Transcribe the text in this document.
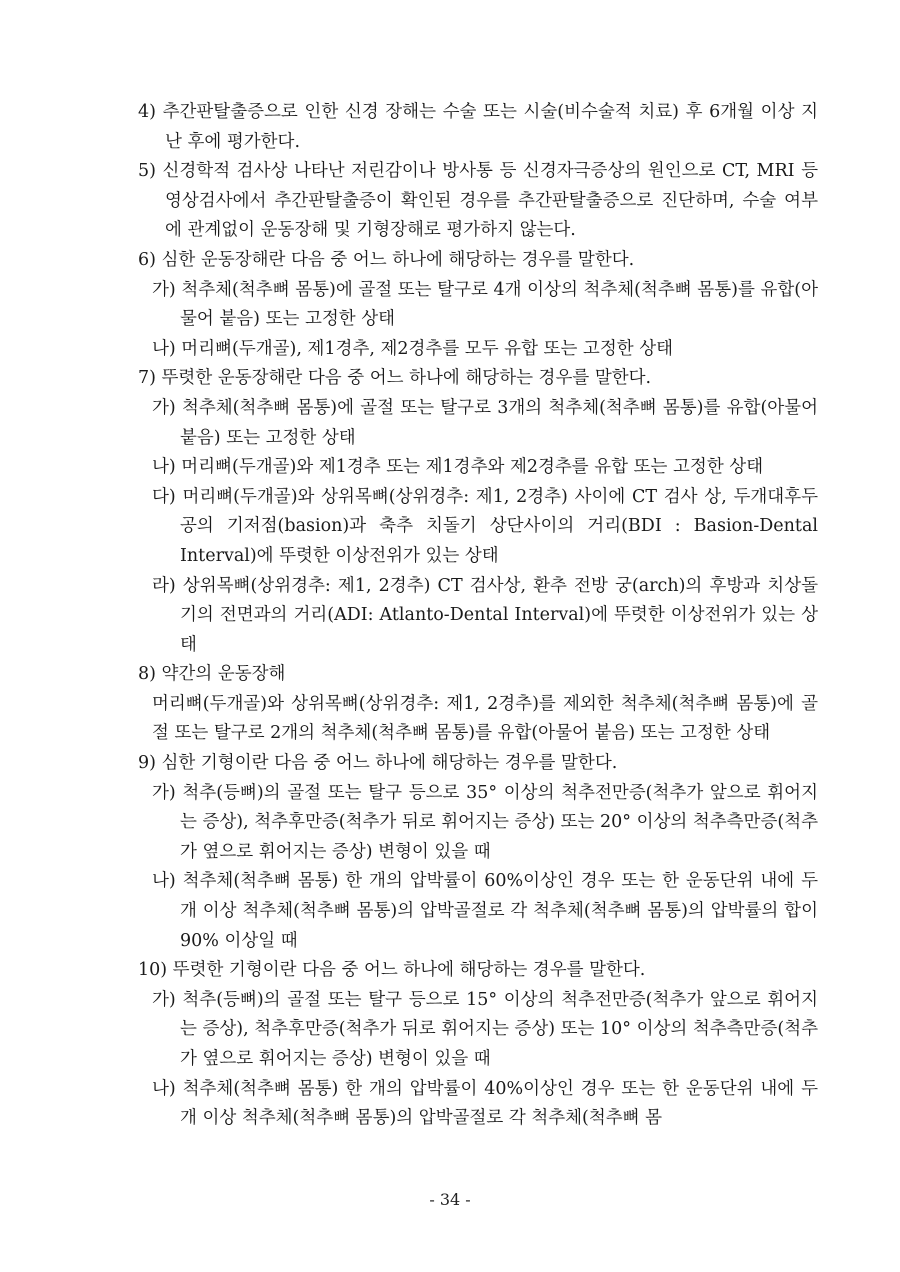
4) 추간판탈출증으로 인한 신경 장해는 수술 또는 시술(비수술적 치료) 후 6개월 이상 지난 후에 평가한다.

5) 신경학적 검사상 나타난 저린감이나 방사통 등 신경자극증상의 원인으로 CT, MRI 등 영상검사에서 추간판탈출증이 확인된 경우를 추간판탈출증으로 진단하며, 수술 여부에 관계없이 운동장해 및 기형장해로 평가하지 않는다.

6) 심한 운동장해란 다음 중 어느 하나에 해당하는 경우를 말한다.

가) 척추체(척추뼈 몸통)에 골절 또는 탈구로 4개 이상의 척추체(척추뼈 몸통)를 유합(아물어 붙음) 또는 고정한 상태

나) 머리뼈(두개골), 제1경추, 제2경추를 모두 유합 또는 고정한 상태

7) 뚜렷한 운동장해란 다음 중 어느 하나에 해당하는 경우를 말한다.

가) 척추체(척추뼈 몸통)에 골절 또는 탈구로 3개의 척추체(척추뼈 몸통)를 유합(아물어 붙음) 또는 고정한 상태

나) 머리뼈(두개골)와 제1경추 또는 제1경추와 제2경추를 유합 또는 고정한 상태

다) 머리뼈(두개골)와 상위목뼈(상위경추: 제1, 2경추) 사이에 CT 검사 상, 두개대후두공의 기저점(basion)과 축추 치돌기 상단사이의 거리(BDI : Basion-Dental Interval)에 뚜렷한 이상전위가 있는 상태

라) 상위목뼈(상위경추: 제1, 2경추) CT 검사상, 환추 전방 궁(arch)의 후방과 치상돌기의 전면과의 거리(ADI: Atlanto-Dental Interval)에 뚜렷한 이상전위가 있는 상태

8) 약간의 운동장해

머리뼈(두개골)와 상위목뼈(상위경추: 제1, 2경추)를 제외한 척추체(척추뼈 몸통)에 골절 또는 탈구로 2개의 척추체(척추뼈 몸통)를 유합(아물어 붙음) 또는 고정한 상태

9) 심한 기형이란 다음 중 어느 하나에 해당하는 경우를 말한다.

가) 척추(등뼈)의 골절 또는 탈구 등으로 35° 이상의 척추전만증(척추가 앞으로 휘어지는 증상), 척추후만증(척추가 뒤로 휘어지는 증상) 또는 20° 이상의 척추측만증(척추가 옆으로 휘어지는 증상) 변형이 있을 때

나) 척추체(척추뼈 몸통) 한 개의 압박률이 60%이상인 경우 또는 한 운동단위 내에 두 개 이상 척추체(척추뼈 몸통)의 압박골절로 각 척추체(척추뼈 몸통)의 압박률의 합이 90% 이상일 때

10) 뚜렷한 기형이란 다음 중 어느 하나에 해당하는 경우를 말한다.

가) 척추(등뼈)의 골절 또는 탈구 등으로 15° 이상의 척추전만증(척추가 앞으로 휘어지는 증상), 척추후만증(척추가 뒤로 휘어지는 증상) 또는 10° 이상의 척추측만증(척추가 옆으로 휘어지는 증상) 변형이 있을 때

나) 척추체(척추뼈 몸통) 한 개의 압박률이 40%이상인 경우 또는 한 운동단위 내에 두 개 이상 척추체(척추뼈 몸통)의 압박골절로 각 척추체(척추뼈 몸

- 34 -
